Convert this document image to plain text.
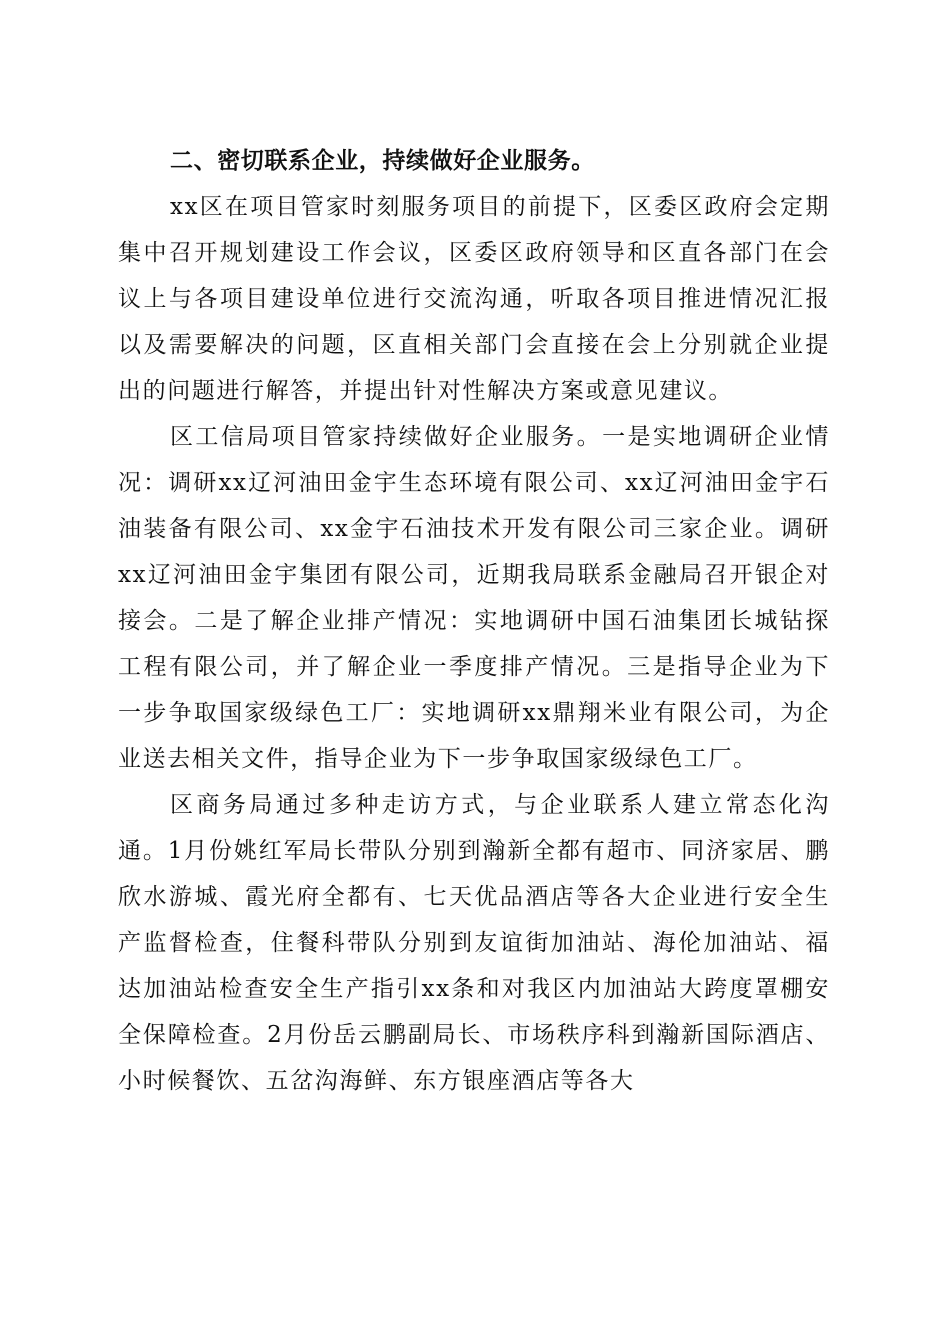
二、密切联系企业，持续做好企业服务。

xx区在项目管家时刻服务项目的前提下，区委区政府会定期集中召开规划建设工作会议，区委区政府领导和区直各部门在会议上与各项目建设单位进行交流沟通，听取各项目推进情况汇报以及需要解决的问题，区直相关部门会直接在会上分别就企业提出的问题进行解答，并提出针对性解决方案或意见建议。

区工信局项目管家持续做好企业服务。一是实地调研企业情况：调研xx辽河油田金宇生态环境有限公司、xx辽河油田金宇石油装备有限公司、xx金宇石油技术开发有限公司三家企业。调研xx辽河油田金宇集团有限公司，近期我局联系金融局召开银企对接会。二是了解企业排产情况：实地调研中国石油集团长城钻探工程有限公司，并了解企业一季度排产情况。三是指导企业为下一步争取国家级绿色工厂：实地调研xx鼎翔米业有限公司，为企业送去相关文件，指导企业为下一步争取国家级绿色工厂。

区商务局通过多种走访方式，与企业联系人建立常态化沟通。1月份姚红军局长带队分别到瀚新全都有超市、同济家居、鹏欣水游城、霞光府全都有、七天优品酒店等各大企业进行安全生产监督检查，住餐科带队分别到友谊街加油站、海伦加油站、福达加油站检查安全生产指引xx条和对我区内加油站大跨度罩棚安全保障检查。2月份岳云鹏副局长、市场秩序科到瀚新国际酒店、小时候餐饮、五岔沟海鲜、东方银座酒店等各大
